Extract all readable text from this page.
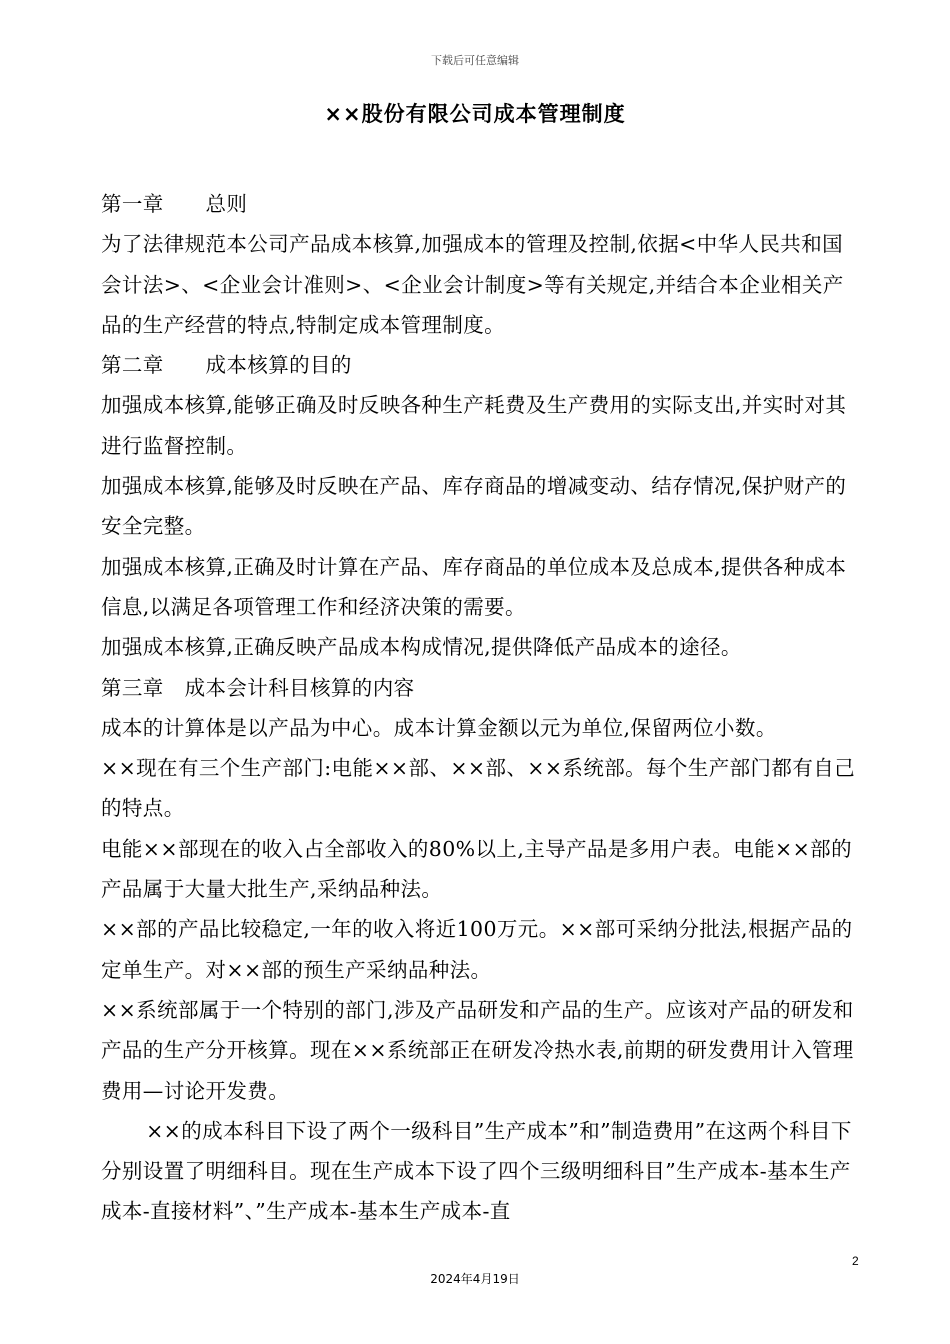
下载后可任意编辑
××股份有限公司成本管理制度

第一章　　总则

为了法律规范本公司产品成本核算,加强成本的管理及控制,依据<中华人民共和国会计法>、<企业会计准则>、<企业会计制度>等有关规定,并结合本企业相关产品的生产经营的特点,特制定成本管理制度。

第二章　　成本核算的目的

加强成本核算,能够正确及时反映各种生产耗费及生产费用的实际支出,并实时对其进行监督控制。

加强成本核算,能够及时反映在产品、库存商品的增减变动、结存情况,保护财产的安全完整。

加强成本核算,正确及时计算在产品、库存商品的单位成本及总成本,提供各种成本信息,以满足各项管理工作和经济决策的需要。

加强成本核算,正确反映产品成本构成情况,提供降低产品成本的途径。

第三章　成本会计科目核算的内容

成本的计算体是以产品为中心。成本计算金额以元为单位,保留两位小数。

××现在有三个生产部门:电能××部、××部、××系统部。每个生产部门都有自己的特点。

电能××部现在的收入占全部收入的80%以上,主导产品是多用户表。电能××部的产品属于大量大批生产,采纳品种法。

××部的产品比较稳定,一年的收入将近100万元。××部可采纳分批法,根据产品的定单生产。对××部的预生产采纳品种法。

××系统部属于一个特别的部门,涉及产品研发和产品的生产。应该对产品的研发和产品的生产分开核算。现在××系统部正在研发冷热水表,前期的研发费用计入管理费用—讨论开发费。

××的成本科目下设了两个一级科目”生产成本”和”制造费用”在这两个科目下分别设置了明细科目。现在生产成本下设了四个三级明细科目”生产成本-基本生产成本-直接材料”、”生产成本-基本生产成本-直

2
2024年4月19日
